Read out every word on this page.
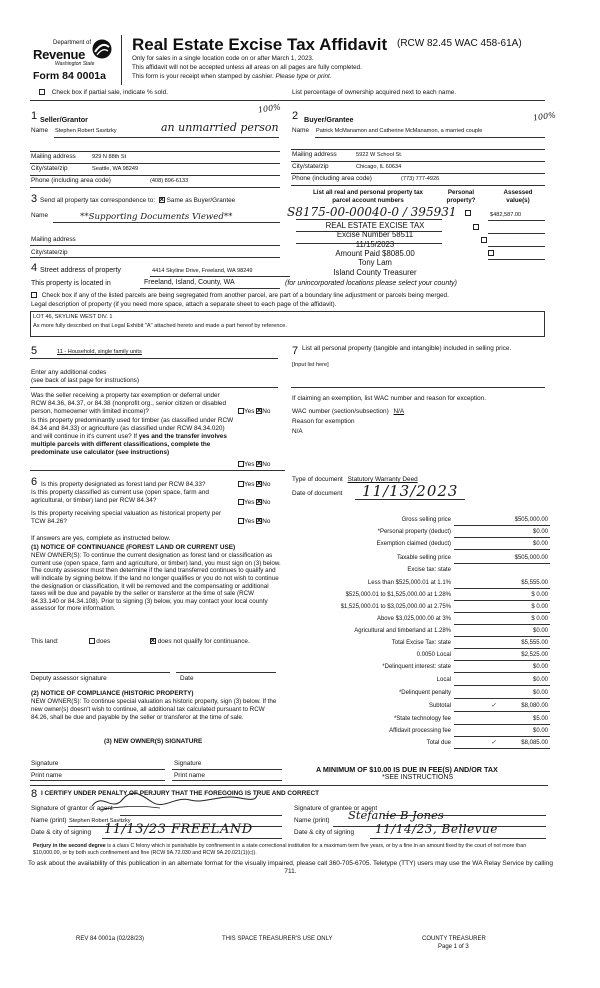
Department of
Revenue
Washington State
Form 84 0001a
Real Estate Excise Tax Affidavit (RCW 82.45 WAC 458-61A)
Only for sales in a single location code on or after March 1, 2023.
This affidavit will not be accepted unless all areas on all pages are fully completed.
This form is your receipt when stamped by cashier. Please type or print.
Check box if partial sale, indicate % sold.	List percentage of ownership acquired next to each name.
1 Seller/Grantor
100%
Name Stephen Robert Savitzky	an unmarried person
Mailing address	929 N 88th St
City/state/zip	Seattle, WA 98249
Phone (including area code)	(408) 896-6133
2 Buyer/Grantee	100%
Name Patrick McManamon and Catherine McManamon, a married couple
Mailing address	5922 W School St.
City/state/zip	Chicago, IL 60634
Phone (including area code)	(773) 777-4926
3 Send all property tax correspondence to: × Same as Buyer/Grantee
Name	**Supporting Documents Viewed**
Mailing address
City/state/zip
List all real and personal property tax parcel account numbers
Personal property?
Assessed value(s)
S8175-00-00040-0 / 395931
	$482,587.00
REAL ESTATE EXCISE TAX
Excise Number 58511
11/15/2023
Amount Paid $8085.00
Tony Lam
Island County Treasurer
4 Street address of property	4414 Skyline Drive, Freeland, WA 98249
This property is located in	Freeland, Island, County, WA	(for unincorporated locations please select your county)
Check box if any of the listed parcels are being segregated from another parcel, are part of a boundary line adjustment or parcels being merged.
Legal description of property (if you need more space, attach a separate sheet to each page of the affidavit).
LOT 46, SKYLINE WEST DIV. 1
As more fully described on that Legal Exhibit "A" attached hereto and made a part hereof by reference.
5	11 - Household, single family units
Enter any additional codes
(see back of last page for instructions)
Was the seller receiving a property tax exemption or deferral under RCW 84.36, 84.37, or 84.38 (nonprofit org., senior citizen or disabled person, homeowner with limited income)?	Yes × No
Is this property predominantly used for timber (as classified under RCW 84.34 and 84.33) or agriculture (as classified under RCW 84.34.020) and will continue in it's current use? If yes and the transfer involves multiple parcels with different classifications, complete the predominate use calculator (see instructions)
Yes × No
6 Is this property designated as forest land per RCW 84.33?	Yes × No
Is this property classified as current use (open space, farm and agricultural, or timber) land per RCW 84.34?	Yes × No
Is this property receiving special valuation as historical property per TCW 84.26?	Yes × No
If answers are yes, complete as instructed below.
(1) NOTICE OF CONTINUANCE (FOREST LAND OR CURRENT USE)
NEW OWNER(S): To continue the current designation as forest land or classification as current use (open space, farm and agriculture, or timber) land, you must sign on (3) below. The county assessor must then determine if the land transferred continues to qualify and will indicate by signing below. If the land no longer qualifies or you do not wish to continue the designation or classification, it will be removed and the compensating or additional taxes will be due and payable by the seller or transferor at the time of sale (RCW 84.33.140 or 84.34.108). Prior to signing (3) below, you may contact your local county assessor for more information.
This land:	does ×	does not qualify for continuance.
Deputy assessor signature	Date
(2) NOTICE OF COMPLIANCE (HISTORIC PROPERTY)
NEW OWNER(S): To continue special valuation as historic property, sign (3) below. If the new owner(s) doesn't wish to continue, all additional tax calculated pursuant to RCW 84.26, shall be due and payable by the seller or transferor at the time of sale.
(3) NEW OWNER(S) SIGNATURE
Signature	Signature
Print name	Print name
7 List all personal property (tangible and intangible) included in selling price.
[Input list here]
If claiming an exemption, list WAC number and reason for exception.
WAC number (section/subsection) N/A
Reason for exemption
N/A
Type of document Statutory Warranty Deed
Date of document 11/13/2023
Gross selling price	$505,000.00
*Personal property (deduct)	$0.00
Exemption claimed (deduct)	$0.00
Taxable selling price	$505,000.00
Excise tax: state
Less than $525,000.01 at 1.1%	$5,555.00
$525,000.01 to $1,525,000.00 at 1.28%	$ 0.00
$1,525,000.01 to $3,025,000.00 at 2.75%	$ 0.00
Above $3,025,000.00 at 3%	$ 0.00
Agricultural and timberland at 1.28%	$0.00
Total Excise Tax: state	$5,555.00
0.0050 Local	$2,525.00
*Delinquent interest: state	$0.00
Local	$0.00
*Delinquent penalty	$0.00
Subtotal	✓	$8,080.00
*State technology fee	$5.00
Affidavit processing fee	$0.00
Total due	✓	$8,085.00
A MINIMUM OF $10.00 IS DUE IN FEE(S) AND/OR TAX
*SEE INSTRUCTIONS
8 I CERTIFY UNDER PENALTY OF PERJURY THAT THE FOREGOING IS TRUE AND CORRECT
Signature of grantor or agent
Name (print) Stephen Robert Savitzky
Date & city of signing 11/13/23 FREELAND
Signature of grantee or agent
Name (print) Stefanie B Jones
Date & city of signing 11/14/23, Bellevue
Perjury in the second degree is a class C felony which is punishable by confinement in a state correctional institution for a maximum term five years, or by a fine in an amount fixed by the court of not more than $10,000.00, or by both such confinement and fine (RCW 9A.72.030 and RCW 9A.20.021(1)(c)).
To ask about the availability of this publication in an alternate format for the visually impaired, please call 360-705-6705. Teletype (TTY) users may use the WA Relay Service by calling 711.
REV 84 0001a (02/28/23)	THIS SPACE TREASURER'S USE ONLY	COUNTY TREASURER
Page 1 of 3
